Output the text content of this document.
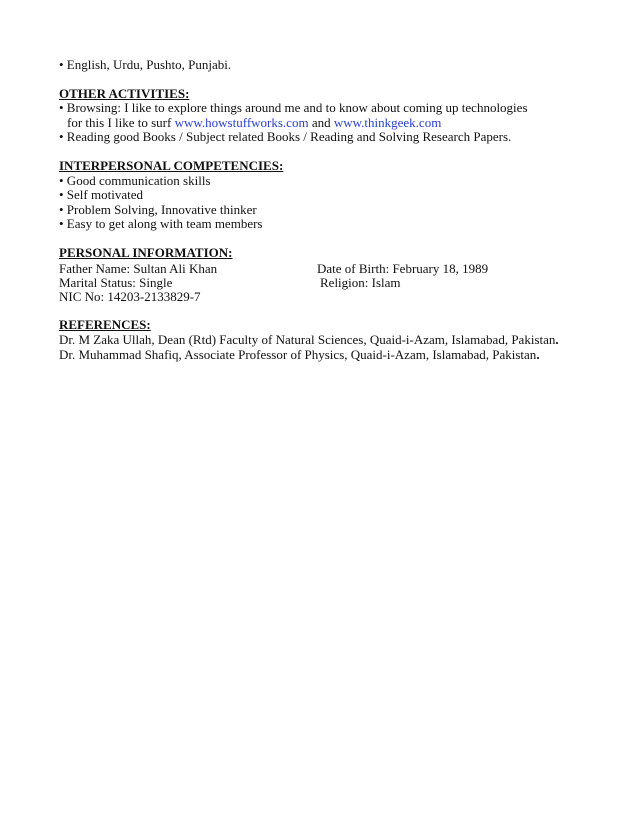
• English, Urdu, Pushto, Punjabi.
OTHER ACTIVITIES:
• Browsing: I like to explore things around me and to know about coming up technologies
for this I like to surf www.howstuffworks.com and www.thinkgeek.com
• Reading good Books / Subject related Books / Reading and Solving Research Papers.
INTERPERSONAL COMPETENCIES:
• Good communication skills
• Self motivated
• Problem Solving, Innovative thinker
• Easy to get along with team members
PERSONAL INFORMATION:
Father Name: Sultan Ali Khan	Date of Birth: February 18, 1989
Marital Status: Single	Religion: Islam
NIC No: 14203-2133829-7
REFERENCES:
Dr. M Zaka Ullah, Dean (Rtd) Faculty of Natural Sciences, Quaid-i-Azam, Islamabad, Pakistan.
Dr. Muhammad Shafiq, Associate Professor of Physics, Quaid-i-Azam, Islamabad, Pakistan.
